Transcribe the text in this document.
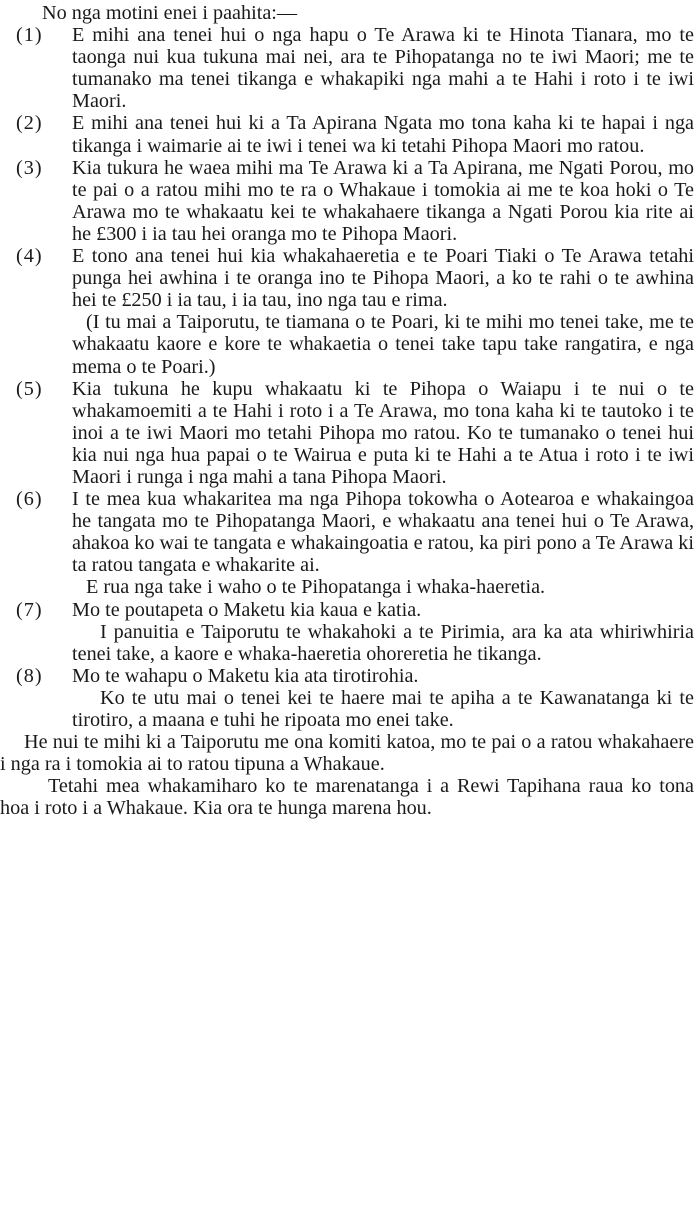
No nga motini enei i paahita:—

(1)	E mihi ana tenei hui o nga hapu o Te Arawa ki te Hinota Tianara, mo te taonga nui kua tukuna mai nei, ara te Pihopatanga no te iwi Maori; me te tumanako ma tenei tikanga e whakapiki nga mahi a te Hahi i roto i te iwi Maori.

(2)	E mihi ana tenei hui ki a Ta Apirana Ngata mo tona kaha ki te hapai i nga tikanga i waimarie ai te iwi i tenei wa ki tetahi Pihopa Maori mo ratou.

(3)	Kia tukura he waea mihi ma Te Arawa ki a Ta Apirana, me Ngati Porou, mo te pai o a ratou mihi mo te ra o Whakaue i tomokia ai me te koa hoki o Te Arawa mo te whakaatu kei te whakahaere tikanga a Ngati Porou kia rite ai he £300 i ia tau hei oranga mo te Pihopa Maori.

(4)	E tono ana tenei hui kia whakahaeretia e te Poari Tiaki o Te Arawa tetahi punga hei awhina i te oranga ino te Pihopa Maori, a ko te rahi o te awhina hei te £250 i ia tau, i ia tau, ino nga tau e rima.

(I tu mai a Taiporutu, te tiamana o te Poari, ki te mihi mo tenei take, me te whakaatu kaore e kore te whakaetia o tenei take tapu take rangatira, e nga mema o te Poari.)

(5)	Kia tukuna he kupu whakaatu ki te Pihopa o Waiapu i te nui o te whakamoemiti a te Hahi i roto i a Te Arawa, mo tona kaha ki te tautoko i te inoi a te iwi Maori mo tetahi Pihopa mo ratou. Ko te tumanako o tenei hui kia nui nga hua papai o te Wairua e puta ki te Hahi a te Atua i roto i te iwi Maori i runga i nga mahi a tana Pihopa Maori.

(6)	I te mea kua whakaritea ma nga Pihopa tokowha o Aotearoa e whakaingoa he tangata mo te Pihopatanga Maori, e whakaatu ana tenei hui o Te Arawa, ahakoa ko wai te tangata e whakaingoatia e ratou, ka piri pono a Te Arawa ki ta ratou tangata e whakarite ai.

E rua nga take i waho o te Pihopatanga i whaka-haeretia.

(7)	Mo te poutapeta o Maketu kia kaua e katia.

I panuitia e Taiporutu te whakahoki a te Pirimia, ara ka ata whiriwhiria tenei take, a kaore e whaka-haeretia ohoreretia he tikanga.

(8)	Mo te wahapu o Maketu kia ata tirotirohia.

Ko te utu mai o tenei kei te haere mai te apiha a te Kawanatanga ki te tirotiro, a maana e tuhi he ripoata mo enei take.

He nui te mihi ki a Taiporutu me ona komiti katoa, mo te pai o a ratou whakahaere i nga ra i tomokia ai to ratou tipuna a Whakaue.

Tetahi mea whakamiharo ko te marenatanga i a Rewi Tapihana raua ko tona hoa i roto i a Whakaue. Kia ora te hunga marena hou.
